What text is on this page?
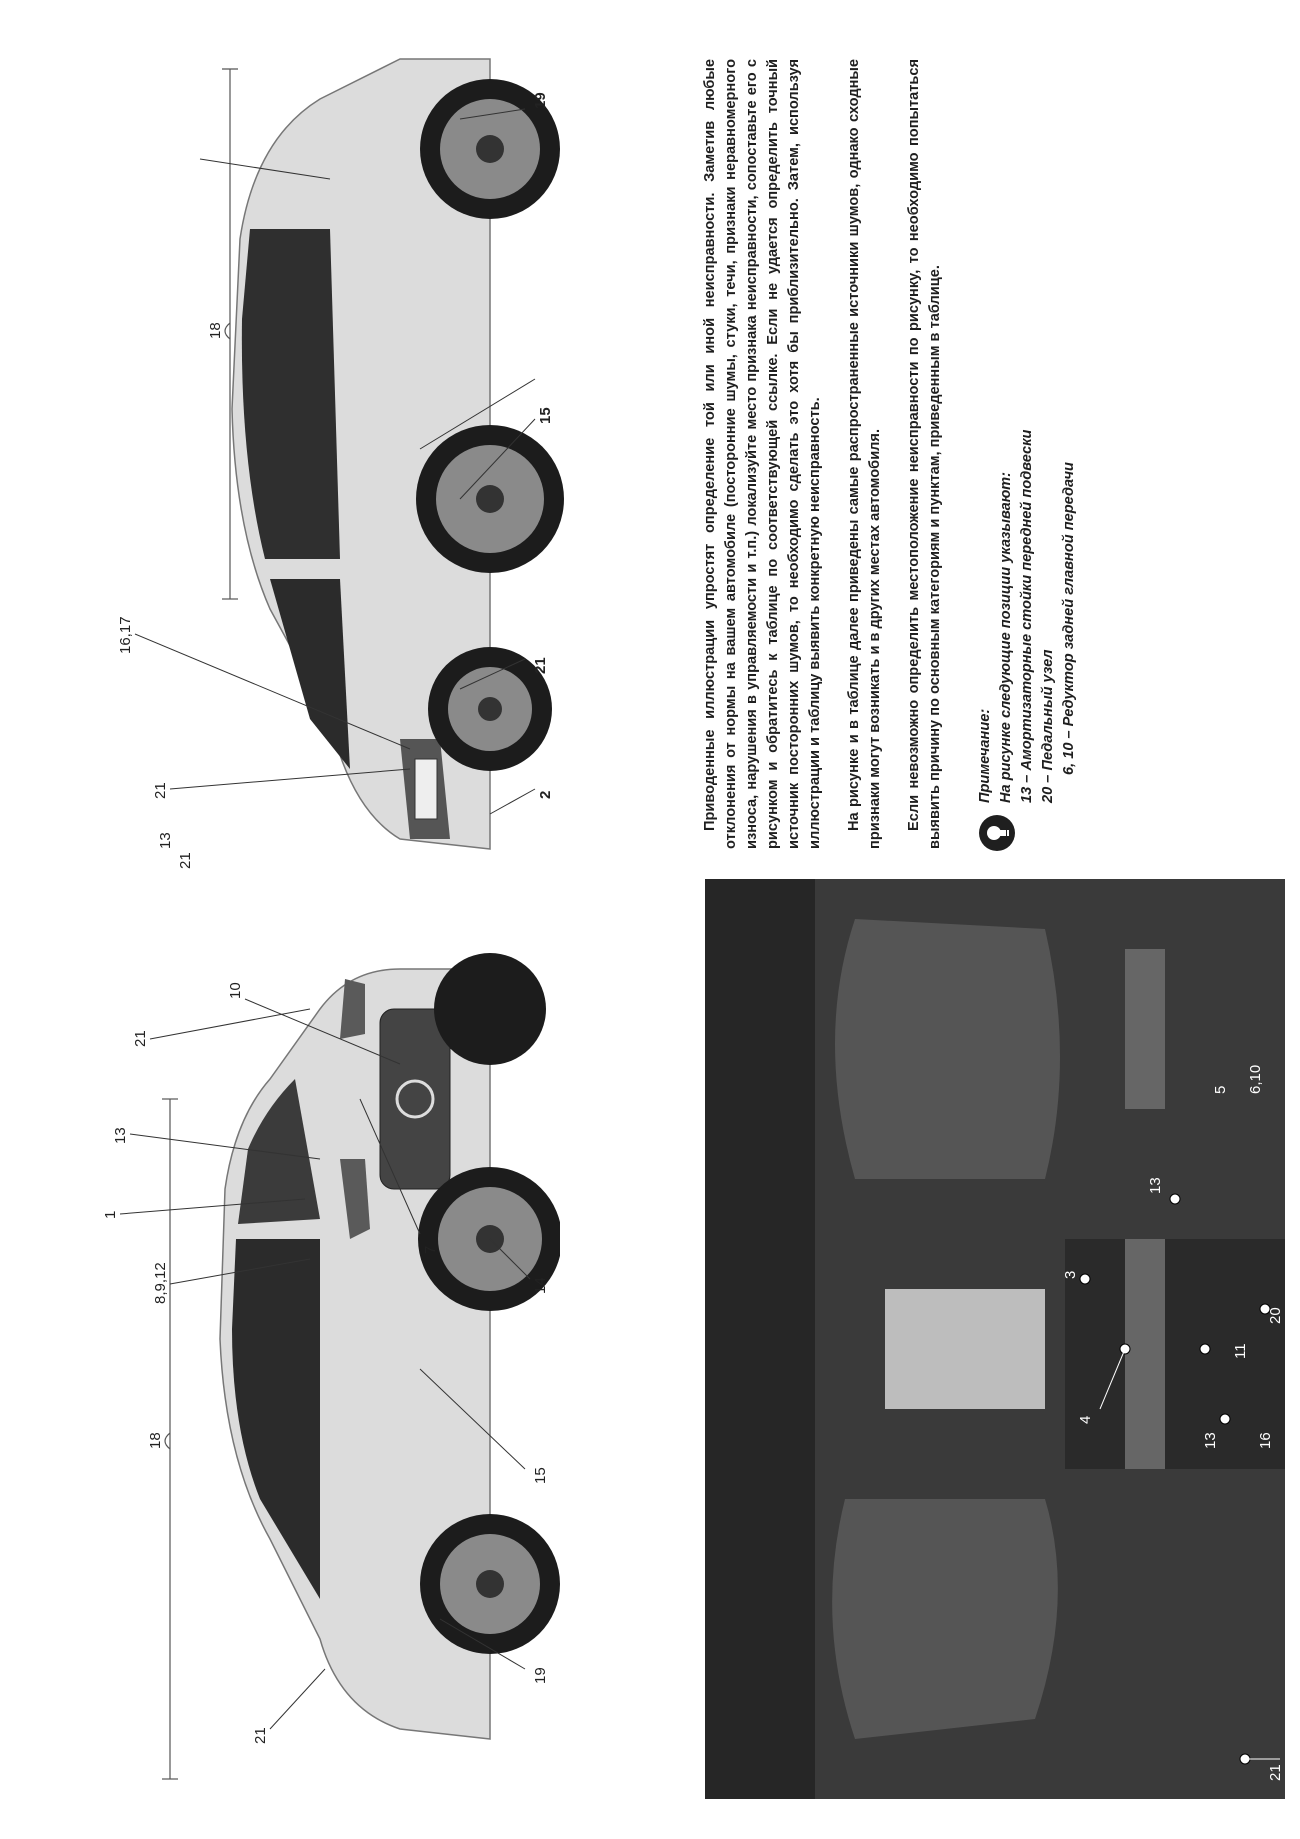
18
8,9,12
1
13
21
10
7
14
15
19
21
18
21
16,17
19
15
21
2
13
21
21
16
13
11
20
4
3
13
5 6,10

Приводенные иллюстрации упростят определение той или иной неисправности. Заметив любые отклонения от нормы на вашем автомобиле (посторонние шумы, стуки, течи, признаки неравномерного износа, нарушения в управляемости и т.п.) локализуйте место признака неисправности, сопоставьте его с рисунком и обратитесь к таблице по соответствующей ссылке. Если не удается определить точный источник посторонних шумов, то необходимо сделать это хотя бы приблизительно. Затем, используя иллюстрации и таблицу выявить конкретную неисправность. На рисунке и в таблице далее приведены самые распространенные источники шумов, однако сходные признаки могут возникать и в других местах автомобиля. Если невозможно определить местоположение неисправности по рисунку, то необходимо попытаться выявить причину по основным категориям и пунктам, приведенным в таблице. Примечание: На рисунке следующие позиции указывают: 13 – Амортизаторные стойки передней подвески 20 – Педальный узел 6, 10 – Редуктор задней главной передачи
